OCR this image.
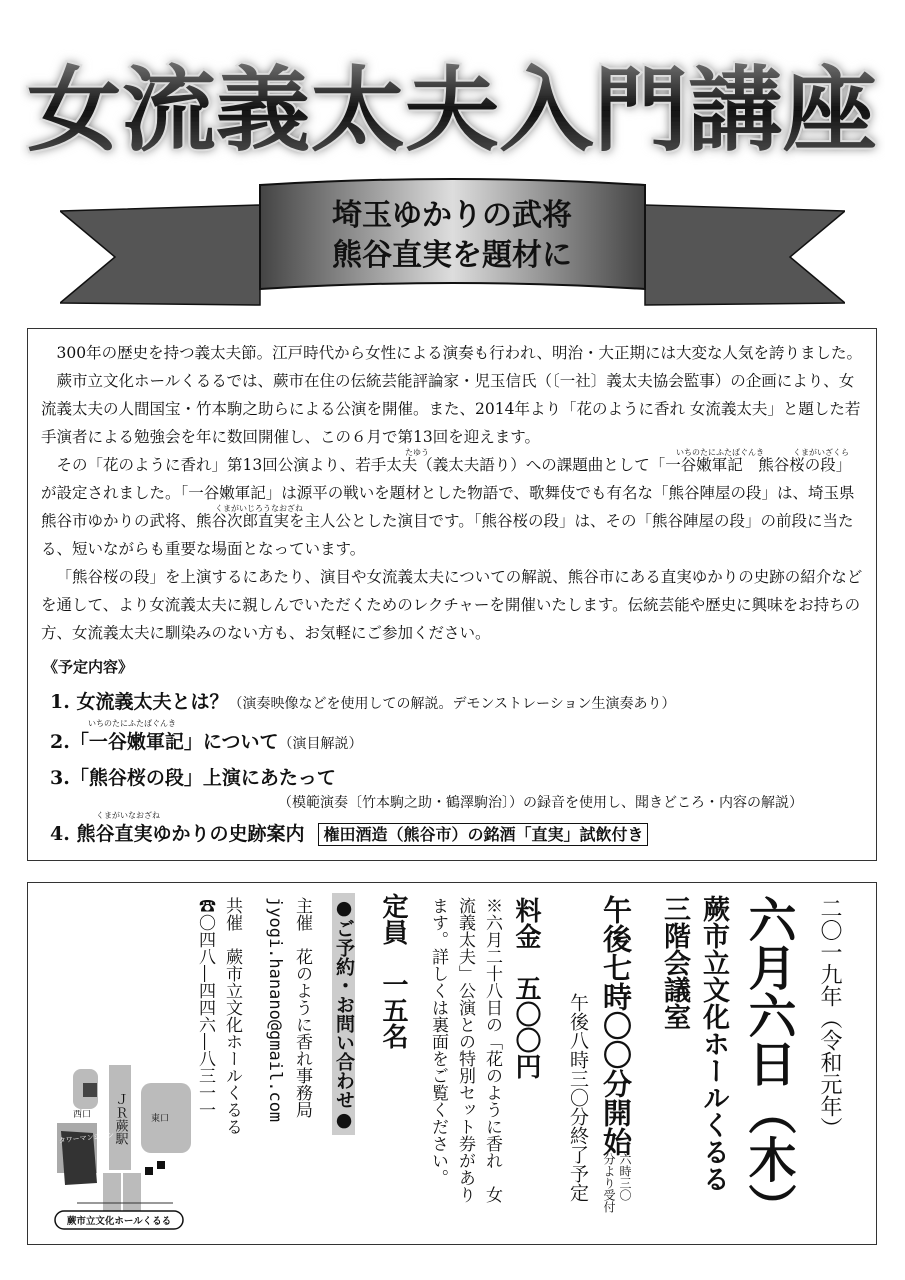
女流義太夫入門講座
埼玉ゆかりの武将
熊谷直実を題材に

300年の歴史を持つ義太夫節。江戸時代から女性による演奏も行われ、明治・大正期には大変な人気を誇りました。

蕨市立文化ホールくるるでは、蕨市在住の伝統芸能評論家・児玉信氏（〔一社〕義太夫協会監事）の企画により、女流義太夫の人間国宝・竹本駒之助らによる公演を開催。また、2014年より「花のように香れ 女流義太夫」と題した若手演者による勉強会を年に数回開催し、この６月で第13回を迎えます。

その「花のように香れ」第13回公演より、若手太夫（義太夫語り）への課題曲として「一谷嫩軍記　熊谷桜の段」が設定されました。「一谷嫩軍記」は源平の戦いを題材とした物語で、歌舞伎でも有名な「熊谷陣屋の段」は、埼玉県熊谷市ゆかりの武将、熊谷次郎直実を主人公とした演目です。「熊谷桜の段」は、その「熊谷陣屋の段」の前段に当たる、短いながらも重要な場面となっています。

「熊谷桜の段」を上演するにあたり、演目や女流義太夫についての解説、熊谷市にある直実ゆかりの史跡の紹介などを通して、より女流義太夫に親しんでいただくためのレクチャーを開催いたします。伝統芸能や歴史に興味をお持ちの方、女流義太夫に馴染みのない方も、お気軽にご参加ください。

たゆう	いちのたにふたばぐんき	くまがいざくら
くまがいじろうなおざね
《予定内容》
1. 女流義太夫とは？（演奏映像などを使用しての解説。デモンストレーション生演奏あり）
いちのたにふたばぐんき
2.「一谷嫩軍記」について（演目解説）
3.「熊谷桜の段」上演にあたって
（模範演奏〔竹本駒之助・鶴澤駒治〕）の録音を使用し、聞きどころ・内容の解説）
くまがいなおざね
4. 熊谷直実ゆかりの史跡案内 権田酒造（熊谷市）の銘酒「直実」試飲付き
二〇一九年（令和元年）
六月六日（木）
蕨市立文化ホールくるる
三階会議室
午後七時〇〇分開始
六時三〇
分より受付
午後八時三〇分終了予定
料金　五〇〇円
※六月二十八日の「花のように香れ　女
流義太夫」公演との特別セット券があり
ます。詳しくは裏面をご覧ください。
定員　一五名
●ご予約・お問い合わせ●
主催　花のように香れ事務局
jyogi.hanano@gmail.com
共催　蕨市立文化ホールくるる
☎〇四八―四四六―八三一一
ＪＲ蕨駅
西口	東口
タワーマンション
蕨市立文化ホールくるる
